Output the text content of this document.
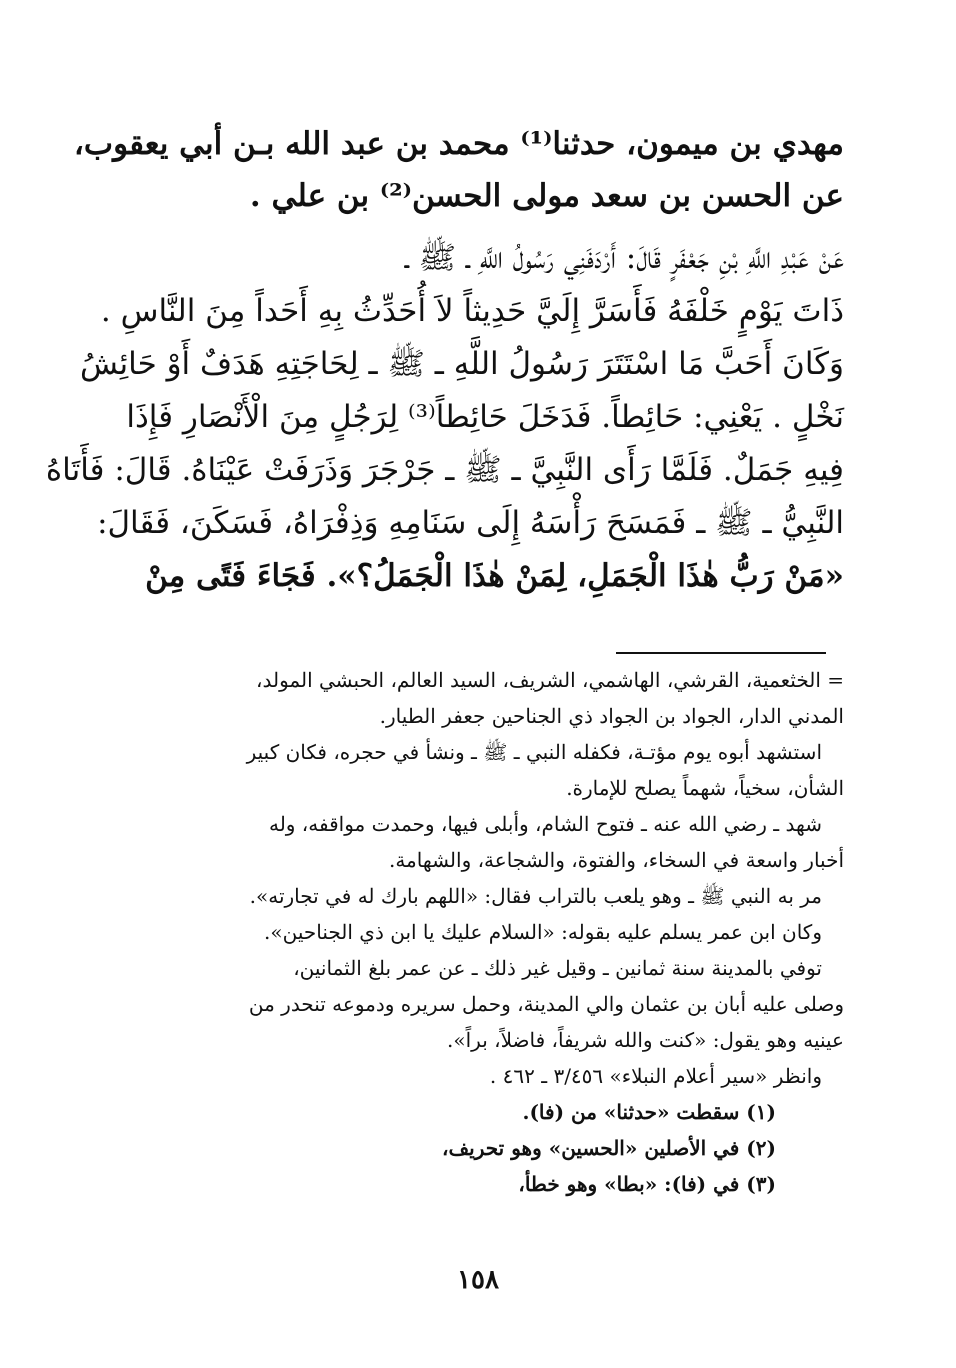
مهدي بن ميمون، حدثنا⁽¹⁾ محمد بن عبد الله بـن أبي يعقوب،
عن الحسن بن سعد مولى الحسن⁽²⁾ بن علي .
عَنْ عَبْدِ اللَّهِ بْنِ جَعْفَرٍ قَالَ: أَرْدَفَنِي رَسُولُ اللَّهِ ـ ﷺ ـ
ذَاتَ يَوْمٍ خَلْفَهُ فَأَسَرَّ إِلَيَّ حَدِيثاً لاَ أُحَدِّثُ بِهِ أَحَداً مِنَ النَّاسِ .
وَكَانَ أَحَبَّ مَا اسْتَتَرَ رَسُولُ اللَّهِ ـ ﷺ ـ لِحَاجَتِهِ هَدَفٌ أَوْ حَائِشُ
نَخْلٍ . يَعْنِي: حَائِطاً. فَدَخَلَ حَائِطاً⁽³⁾ لِرَجُلٍ مِنَ الْأَنْصَارِ فَإِذَا
فِيهِ جَمَلٌ. فَلَمَّا رَأَى النَّبِيَّ ـ ﷺ ـ جَرْجَرَ وَذَرَفَتْ عَيْنَاهُ. قَالَ: فَأَتَاهُ
النَّبِيُّ ـ ﷺ ـ فَمَسَحَ رَأْسَهُ إِلَى سَنَامِهِ وَذِفْرَاهُ، فَسَكَنَ، فَقَالَ:
«مَنْ رَبُّ هٰذَا الْجَمَلِ، لِمَنْ هٰذَا الْجَمَلُ؟». فَجَاءَ فَتًى مِنْ
= الخثعمية، القرشي، الهاشمي، الشريف، السيد العالم، الحبشي المولد،
المدني الدار، الجواد بن الجواد ذي الجناحين جعفر الطيار.
استشهد أبوه يوم مؤتـة، فكفله النبي ـ ﷺ ـ ونشأ في حجره، فكان كبير
الشأن، سخياً، شهماً يصلح للإمارة.
شهد ـ رضي الله عنه ـ فتوح الشام، وأبلى فيها، وحمدت مواقفه، وله
أخبار واسعة في السخاء، والفتوة، والشجاعة، والشهامة.
مر به النبي ﷺ ـ وهو يلعب بالتراب فقال: «اللهم بارك له في تجارته».
وكان ابن عمر يسلم عليه بقوله: «السلام عليك يا ابن ذي الجناحين».
توفي بالمدينة سنة ثمانين ـ وقيل غير ذلك ـ عن عمر بلغ الثمانين،
وصلى عليه أبان بن عثمان والي المدينة، وحمل سريره ودموعه تنحدر من
عينيه وهو يقول: «كنت والله شريفاً، فاضلاً، براً».
وانظر «سير أعلام النبلاء» ٣/٤٥٦ ـ ٤٦٢ .
(١) سقطت «حدثنا» من (فا).
(٢) في الأصلين «الحسين» وهو تحريف،
(٣) في (فا): «بطا» وهو خطأ،
١٥٨
